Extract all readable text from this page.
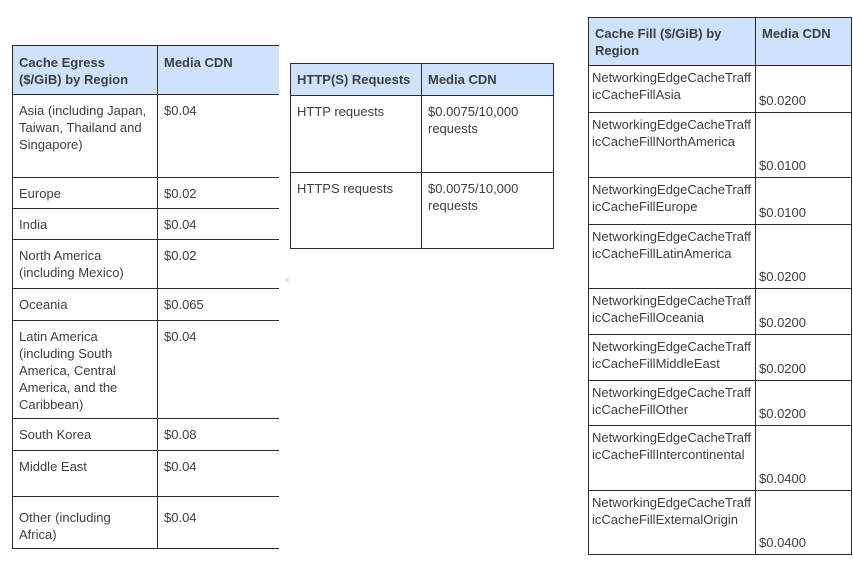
Cache Egress ($/GiB) by Region	Media CDN
Asia (including Japan, Taiwan, Thailand and Singapore)	$0.04
Europe	$0.02
India	$0.04
North America (including Mexico)	$0.02
Oceania	$0.065
Latin America (including South America, Central America, and the Caribbean)	$0.04
South Korea	$0.08
Middle East	$0.04
Other (including Africa)	$0.04
HTTP(S) Requests	Media CDN
HTTP requests	$0.0075/10,000 requests
HTTPS requests	$0.0075/10,000 requests
Cache Fill ($/GiB) by Region	Media CDN
NetworkingEdgeCacheTrafficCacheFillAsia	$0.0200
NetworkingEdgeCacheTrafficCacheFillNorthAmerica	$0.0100
NetworkingEdgeCacheTrafficCacheFillEurope	$0.0100
NetworkingEdgeCacheTrafficCacheFillLatinAmerica	$0.0200
NetworkingEdgeCacheTrafficCacheFillOceania	$0.0200
NetworkingEdgeCacheTrafficCacheFillMiddleEast	$0.0200
NetworkingEdgeCacheTrafficCacheFillOther	$0.0200
NetworkingEdgeCacheTrafficCacheFillIntercontinental	$0.0400
NetworkingEdgeCacheTrafficCacheFillExternalOrigin	$0.0400
